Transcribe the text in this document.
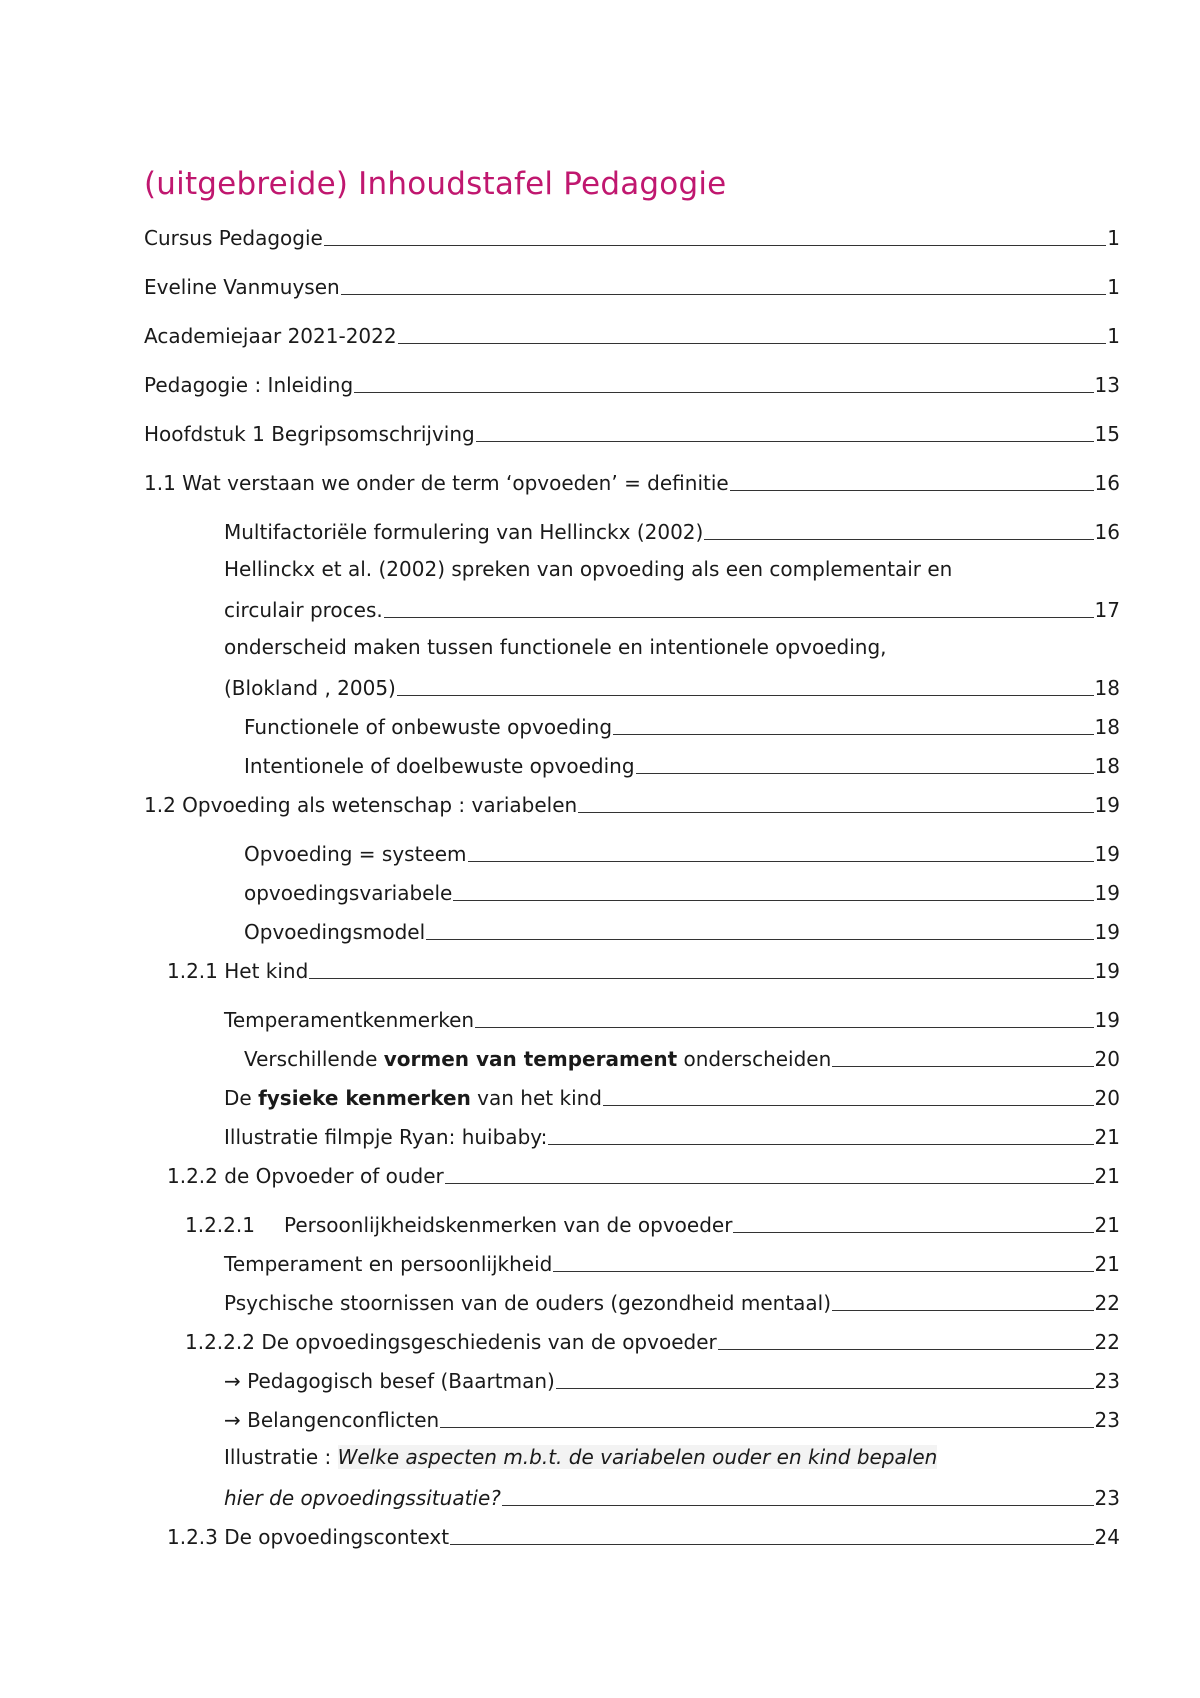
(uitgebreide) Inhoudstafel Pedagogie
Cursus Pedagogie	1
Eveline Vanmuysen	1
Academiejaar 2021-2022	1
Pedagogie : Inleiding	13
Hoofdstuk 1 Begripsomschrijving	15
1.1 Wat verstaan we onder de term ‘opvoeden’ = definitie	16
Multifactoriële formulering van Hellinckx (2002)	16
Hellinckx et al. (2002) spreken van opvoeding als een complementair en
circulair proces.	17
onderscheid maken tussen functionele en intentionele opvoeding,
(Blokland , 2005)	18
Functionele of onbewuste opvoeding	18
Intentionele of doelbewuste opvoeding	18
1.2 Opvoeding als wetenschap : variabelen	19
Opvoeding = systeem	19
opvoedingsvariabele	19
Opvoedingsmodel	19
1.2.1 Het kind	19
Temperamentkenmerken	19
Verschillende vormen van temperament onderscheiden	20
De fysieke kenmerken van het kind	20
Illustratie filmpje Ryan: huibaby:	21
1.2.2 de Opvoeder of ouder	21
1.2.2.1 Persoonlijkheidskenmerken van de opvoeder	21
Temperament en persoonlijkheid	21
Psychische stoornissen van de ouders (gezondheid mentaal)	22
1.2.2.2 De opvoedingsgeschiedenis van de opvoeder	22
→ Pedagogisch besef (Baartman)	23
→ Belangenconflicten	23
Illustratie : Welke aspecten m.b.t. de variabelen ouder en kind bepalen
hier de opvoedingssituatie?	23
1.2.3 De opvoedingscontext	24
